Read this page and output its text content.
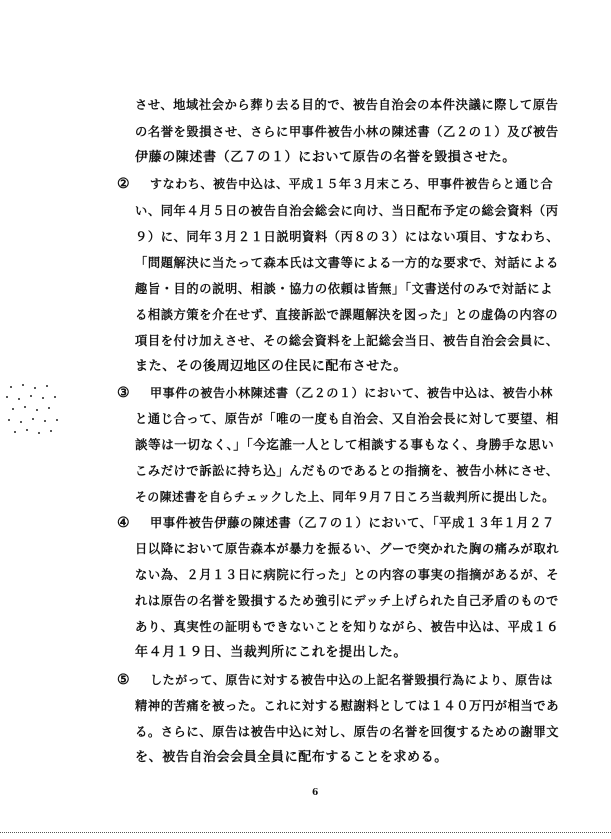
させ、地域社会から葬り去る目的で、被告自治会の本件決議に際して原告
の名誉を毀損させ、さらに甲事件被告小林の陳述書（乙２の１）及び被告
伊藤の陳述書（乙７の１）において原告の名誉を毀損させた。
② すなわち、被告中込は、平成１５年３月末ころ、甲事件被告らと通じ合
い、同年４月５日の被告自治会総会に向け、当日配布予定の総会資料（丙
９）に、同年３月２１日説明資料（丙８の３）にはない項目、すなわち、
「問題解決に当たって森本氏は文書等による一方的な要求で、対話による
趣旨・目的の説明、相談・協力の依頼は皆無」「文書送付のみで対話によ
る相談方策を介在せず、直接訴訟で課題解決を図った」との虚偽の内容の
項目を付け加えさせ、その総会資料を上記総会当日、被告自治会会員に、
また、その後周辺地区の住民に配布させた。
③ 甲事件の被告小林陳述書（乙２の１）において、被告中込は、被告小林
と通じ合って、原告が「唯の一度も自治会、又自治会長に対して要望、相
談等は一切なく、」「今迄誰一人として相談する事もなく、身勝手な思い
こみだけで訴訟に持ち込」んだものであるとの指摘を、被告小林にさせ、
その陳述書を自らチェックした上、同年９月７日ころ当裁判所に提出した。
④ 甲事件被告伊藤の陳述書（乙７の１）において、「平成１３年１月２７
日以降において原告森本が暴力を振るい、グーで突かれた胸の痛みが取れ
ない為、２月１３日に病院に行った」との内容の事実の指摘があるが、そ
れは原告の名誉を毀損するため強引にデッチ上げられた自己矛盾のもので
あり、真実性の証明もできないことを知りながら、被告中込は、平成１６
年４月１９日、当裁判所にこれを提出した。
⑤ したがって、原告に対する被告中込の上記名誉毀損行為により、原告は
精神的苦痛を被った。これに対する慰謝料としては１４０万円が相当であ
る。さらに、原告は被告中込に対し、原告の名誉を回復するための謝罪文
を、被告自治会会員全員に配布することを求める。
6
